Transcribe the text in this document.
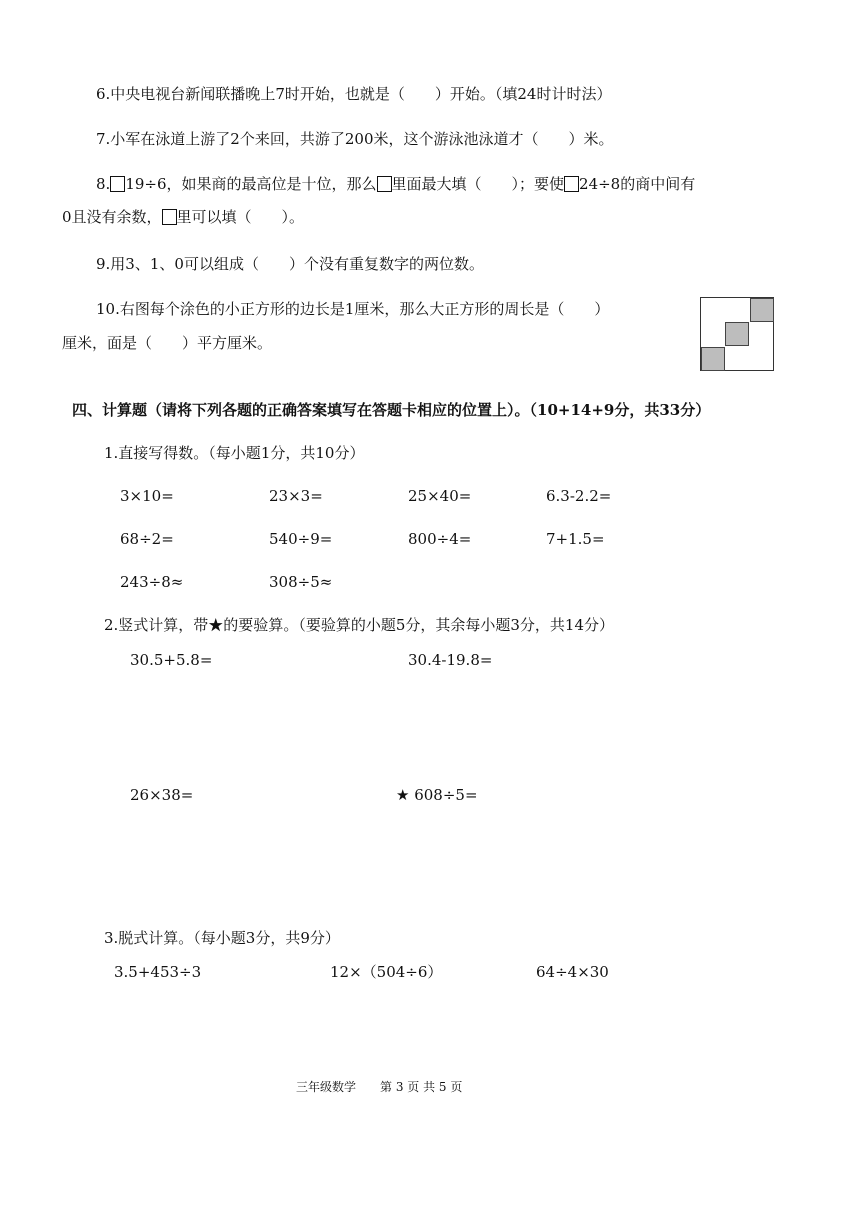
6.中央电视台新闻联播晚上7时开始，也就是（　　）开始。（填24时计时法）
7.小军在泳道上游了2个来回，共游了200米，这个游泳池泳道才（　　）米。
8. 19÷6，如果商的最高位是十位，那么 里面最大填（　　）；要使 24÷8的商中间有
0且没有余数， 里可以填（　　）。
9.用3、1、0可以组成（　　）个没有重复数字的两位数。
10.右图每个涂色的小正方形的边长是1厘米，那么大正方形的周长是（　　）
厘米，面是（　　）平方厘米。
四、计算题（请将下列各题的正确答案填写在答题卡相应的位置上）。（10+14+9分，共33分）
1.直接写得数。（每小题1分，共10分）
3×10=	23×3=	25×40=	6.3-2.2=
68÷2=	540÷9=	800÷4=	7+1.5=
243÷8≈	308÷5≈
2.竖式计算，带★的要验算。（要验算的小题5分，其余每小题3分，共14分）
30.5+5.8=	30.4-19.8=
26×38=	★ 608÷5=
3.脱式计算。（每小题3分，共9分）
3.5+453÷3	12×（504÷6）	64÷4×30
三年级数学　　第 3 页 共 5 页
